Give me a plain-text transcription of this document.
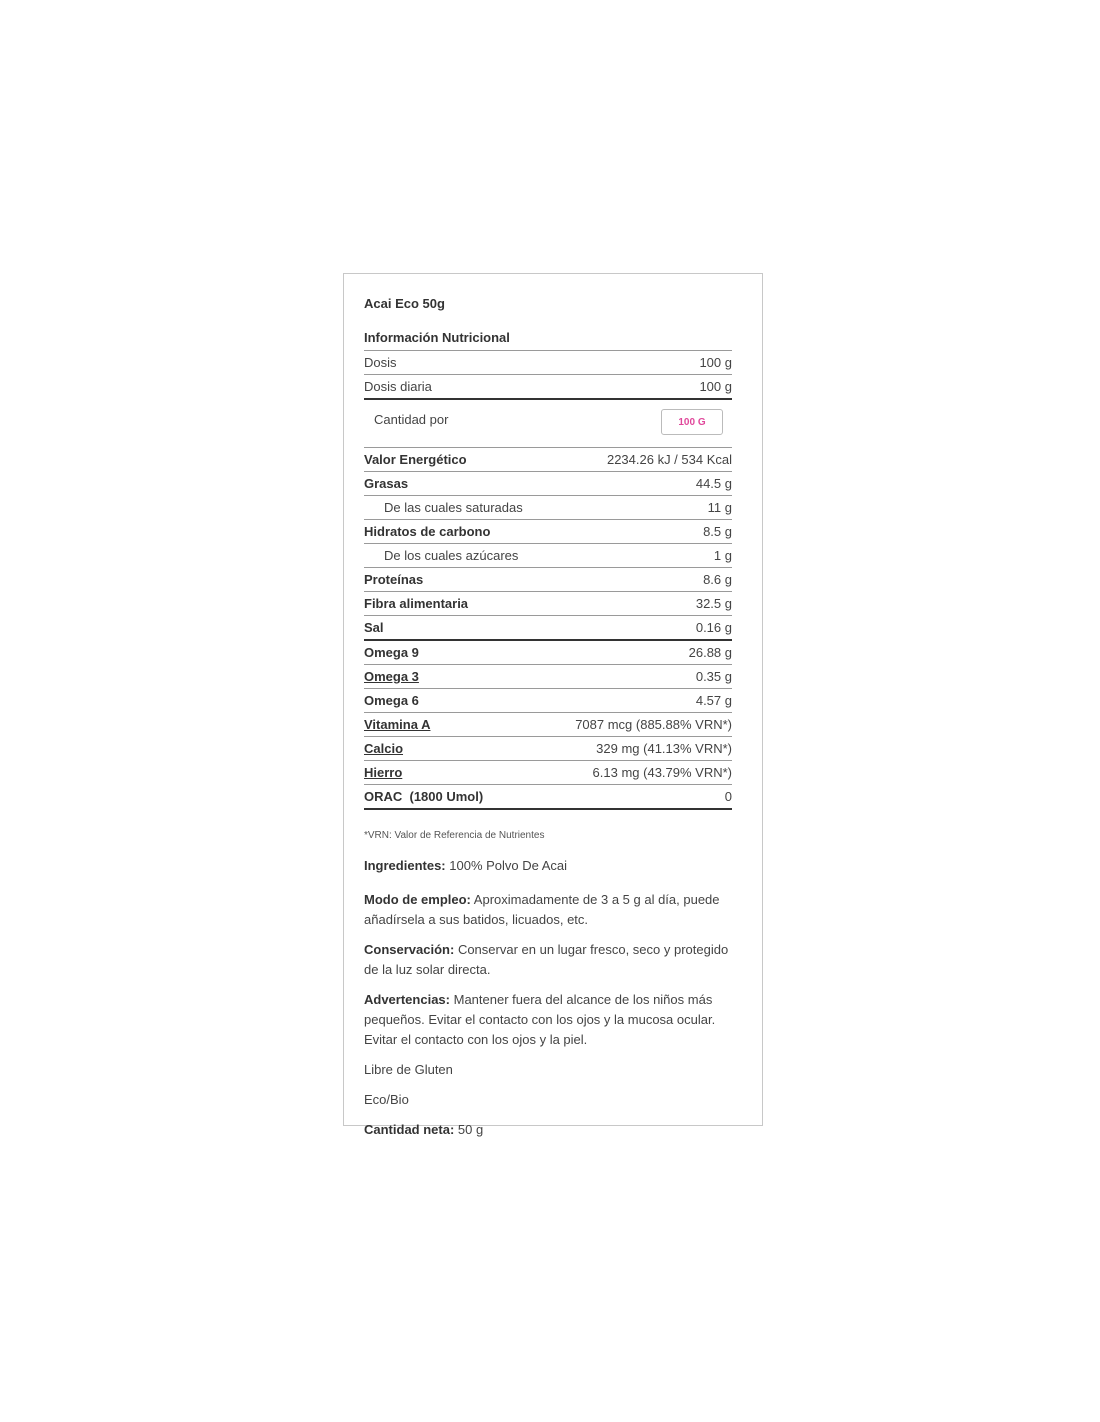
Acai Eco 50g
Información Nutricional
Dosis	100 g
Dosis diaria	100 g
Cantidad por	100 G
Valor Energético	2234.26 kJ / 534 Kcal
Grasas	44.5 g
De las cuales saturadas	11 g
Hidratos de carbono	8.5 g
De los cuales azúcares	1 g
Proteínas	8.6 g
Fibra alimentaria	32.5 g
Sal	0.16 g
Omega 9	26.88 g
Omega 3	0.35 g
Omega 6	4.57 g
Vitamina A	7087 mcg (885.88% VRN*)
Calcio	329 mg (41.13% VRN*)
Hierro	6.13 mg (43.79% VRN*)
ORAC  (1800 Umol)	0
*VRN: Valor de Referencia de Nutrientes
Ingredientes: 100% Polvo De Acai
Modo de empleo: Aproximadamente de 3 a 5 g al día, puede añadírsela a sus batidos, licuados, etc.
Conservación: Conservar en un lugar fresco, seco y protegido de la luz solar directa.
Advertencias: Mantener fuera del alcance de los niños más pequeños. Evitar el contacto con los ojos y la mucosa ocular. Evitar el contacto con los ojos y la piel.
Libre de Gluten
Eco/Bio
Cantidad neta: 50 g
